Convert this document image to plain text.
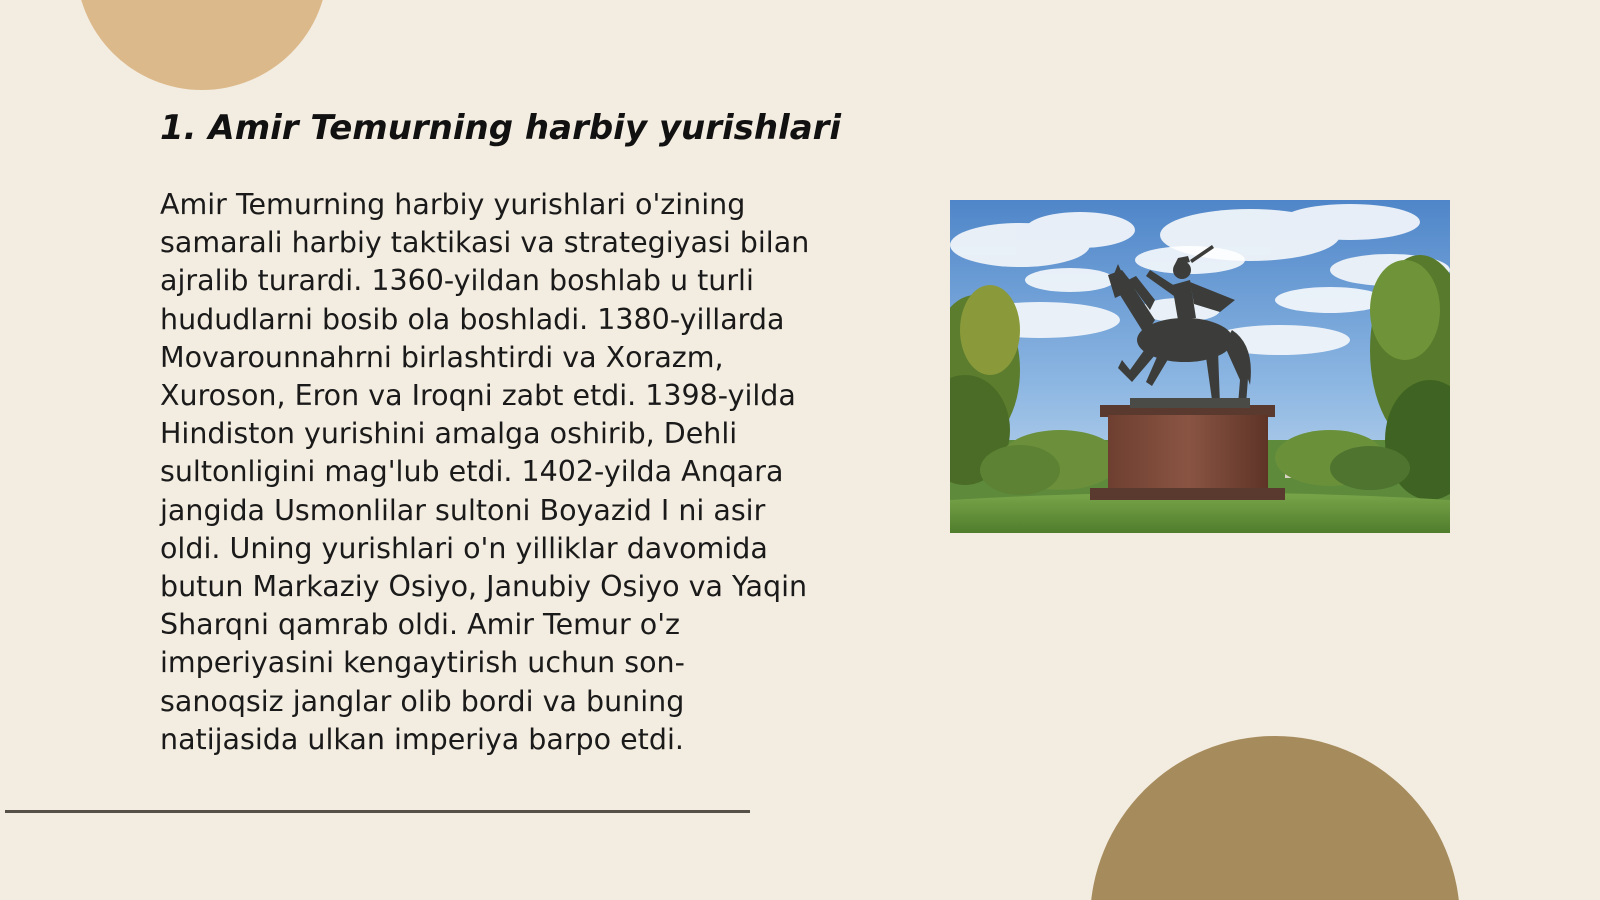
1. Amir Temurning harbiy yurishlari

Amir Temurning harbiy yurishlari o'zining
samarali harbiy taktikasi va strategiyasi bilan
ajralib turardi. 1360-yildan boshlab u turli
hududlarni bosib ola boshladi. 1380-yillarda
Movarounnahrni birlashtirdi va Xorazm,
Xuroson, Eron va Iroqni zabt etdi. 1398-yilda
Hindiston yurishini amalga oshirib, Dehli
sultonligini mag'lub etdi. 1402-yilda Anqara
jangida Usmonlilar sultoni Boyazid I ni asir
oldi. Uning yurishlari o'n yilliklar davomida
butun Markaziy Osiyo, Janubiy Osiyo va Yaqin
Sharqni qamrab oldi. Amir Temur o'z
imperiyasini kengaytirish uchun son-
sanoqsiz janglar olib bordi va buning
natijasida ulkan imperiya barpo etdi.
